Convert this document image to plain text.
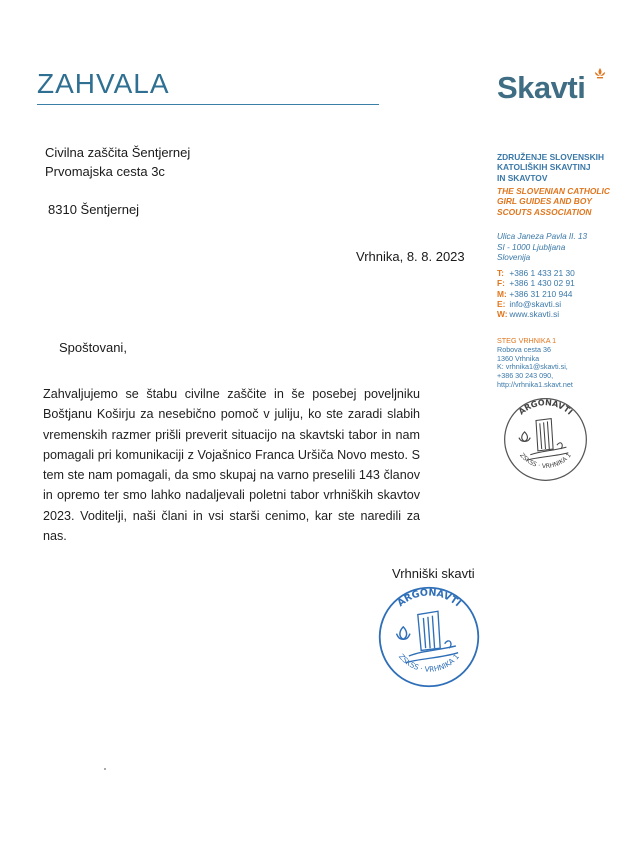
ZAHVALA	Skavti
Civilna zaščita Šentjernej
Prvomajska cesta 3c
8310 Šentjernej
Vrhnika, 8. 8. 2023
Spoštovani,
Zahvaljujemo se štabu civilne zaščite in še posebej poveljniku Boštjanu Koširju za nesebično pomoč v juliju, ko ste zaradi slabih vremenskih razmer prišli preverit situacijo na skavtski tabor in nam pomagali pri komunikaciji z Vojašnico Franca Uršiča Novo mesto. S tem ste nam pomagali, da smo skupaj na varno preselili 143 članov in opremo ter smo lahko nadaljevali poletni tabor vrhniških skavtov 2023. Voditelji, naši člani in vsi starši cenimo, kar ste naredili za nas.
Vrhniški skavti
ZDRUŽENJE SLOVENSKIH
KATOLIŠKIH SKAVTINJ
IN SKAVTOV
THE SLOVENIAN CATHOLIC
GIRL GUIDES AND BOY
SCOUTS ASSOCIATION
Ulica Janeza Pavla II. 13
SI - 1000 Ljubljana
Slovenija
T: +386 1 433 21 30
F: +386 1 430 02 91
M: +386 31 210 944
E: info@skavti.si
W: www.skavti.si
STEG VRHNIKA 1
Robova cesta 36
1360 Vrhnika
K: vrhnika1@skavti.si,
+386 30 243 090,
http://vrhnika1.skavt.net
ARGONAVTI
ZSKSS · VRHNIKA 1
ARGONAVTI
ZSKSS · VRHNIKA 1
